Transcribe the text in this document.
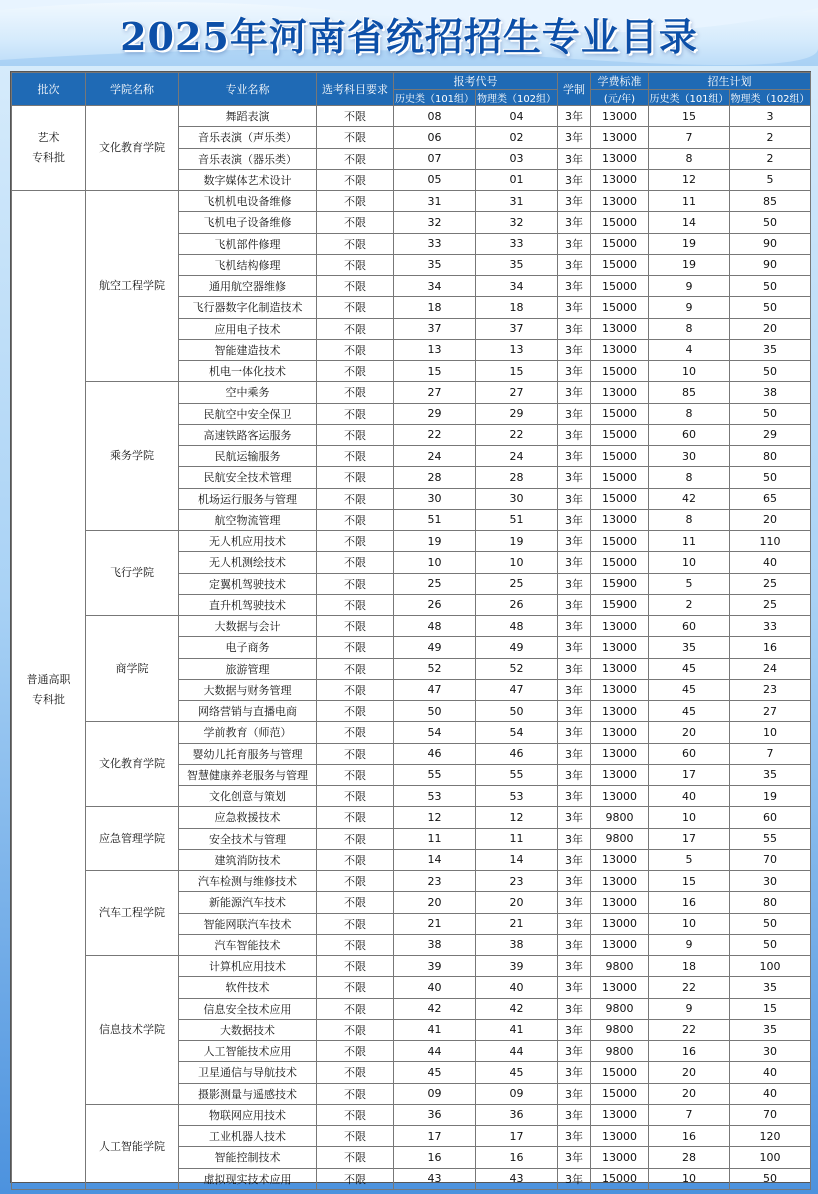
2025年河南省统招招生专业目录
批次	学院名称	专业名称	选考科目要求	报考代号		学制	学费标准	招生计划	
				历史类（101组）	物理类（102组）		(元/年)	历史类（101组）	物理类（102组）

艺术
专科批	文化教育学院	舞蹈表演	不限	08	04	3年	13000	15	3
		音乐表演（声乐类）	不限	06	02	3年	13000	7	2
		音乐表演（器乐类）	不限	07	03	3年	13000	8	2
		数字媒体艺术设计	不限	05	01	3年	13000	12	5

普通高职
专科批	航空工程学院	飞机机电设备维修	不限	31	31	3年	13000	11	85
		飞机电子设备维修	不限	32	32	3年	15000	14	50
		飞机部件修理	不限	33	33	3年	15000	19	90
		飞机结构修理	不限	35	35	3年	15000	19	90
		通用航空器维修	不限	34	34	3年	15000	9	50
		飞行器数字化制造技术	不限	18	18	3年	15000	9	50
		应用电子技术	不限	37	37	3年	13000	8	20
		智能建造技术	不限	13	13	3年	13000	4	35
		机电一体化技术	不限	15	15	3年	15000	10	50
	乘务学院	空中乘务	不限	27	27	3年	13000	85	38
		民航空中安全保卫	不限	29	29	3年	15000	8	50
		高速铁路客运服务	不限	22	22	3年	15000	60	29
		民航运输服务	不限	24	24	3年	15000	30	80
		民航安全技术管理	不限	28	28	3年	15000	8	50
		机场运行服务与管理	不限	30	30	3年	15000	42	65
		航空物流管理	不限	51	51	3年	13000	8	20
	飞行学院	无人机应用技术	不限	19	19	3年	15000	11	110
		无人机测绘技术	不限	10	10	3年	15000	10	40
		定翼机驾驶技术	不限	25	25	3年	15900	5	25
		直升机驾驶技术	不限	26	26	3年	15900	2	25
	商学院	大数据与会计	不限	48	48	3年	13000	60	33
		电子商务	不限	49	49	3年	13000	35	16
		旅游管理	不限	52	52	3年	13000	45	24
		大数据与财务管理	不限	47	47	3年	13000	45	23
		网络营销与直播电商	不限	50	50	3年	13000	45	27
	文化教育学院	学前教育（师范）	不限	54	54	3年	13000	20	10
		婴幼儿托育服务与管理	不限	46	46	3年	13000	60	7
		智慧健康养老服务与管理	不限	55	55	3年	13000	17	35
		文化创意与策划	不限	53	53	3年	13000	40	19
	应急管理学院	应急救援技术	不限	12	12	3年	9800	10	60
		安全技术与管理	不限	11	11	3年	9800	17	55
		建筑消防技术	不限	14	14	3年	13000	5	70
	汽车工程学院	汽车检测与维修技术	不限	23	23	3年	13000	15	30
		新能源汽车技术	不限	20	20	3年	13000	16	80
		智能网联汽车技术	不限	21	21	3年	13000	10	50
		汽车智能技术	不限	38	38	3年	13000	9	50
	信息技术学院	计算机应用技术	不限	39	39	3年	9800	18	100
		软件技术	不限	40	40	3年	13000	22	35
		信息安全技术应用	不限	42	42	3年	9800	9	15
		大数据技术	不限	41	41	3年	9800	22	35
		人工智能技术应用	不限	44	44	3年	9800	16	30
		卫星通信与导航技术	不限	45	45	3年	15000	20	40
		摄影测量与遥感技术	不限	09	09	3年	15000	20	40
	人工智能学院	物联网应用技术	不限	36	36	3年	13000	7	70
		工业机器人技术	不限	17	17	3年	13000	16	120
		智能控制技术	不限	16	16	3年	13000	28	100
		虚拟现实技术应用	不限	43	43	3年	15000	10	50
